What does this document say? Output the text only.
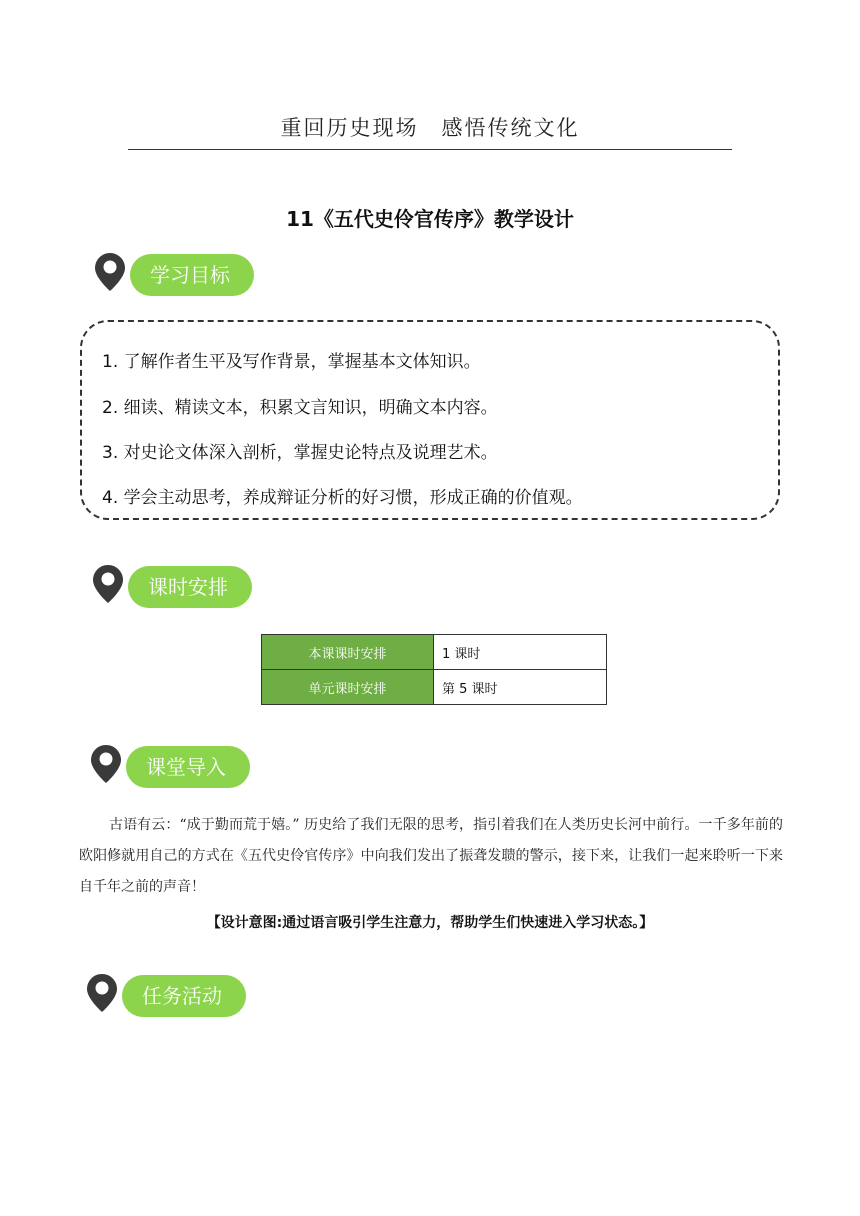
重回历史现场　感悟传统文化
11《五代史伶官传序》教学设计
学习目标
1. 了解作者生平及写作背景，掌握基本文体知识。
2. 细读、精读文本，积累文言知识，明确文本内容。
3. 对史论文体深入剖析，掌握史论特点及说理艺术。
4. 学会主动思考，养成辩证分析的好习惯，形成正确的价值观。
课时安排
本课课时安排	1 课时
单元课时安排	第 5 课时
课堂导入

古语有云：“成于勤而荒于嬉。” 历史给了我们无限的思考，指引着我们在人类历史长河中前行。一千多年前的欧阳修就用自己的方式在《五代史伶官传序》中向我们发出了振聋发聩的警示，接下来，让我们一起来聆听一下来自千年之前的声音！

【设计意图:通过语言吸引学生注意力，帮助学生们快速进入学习状态。】
任务活动
